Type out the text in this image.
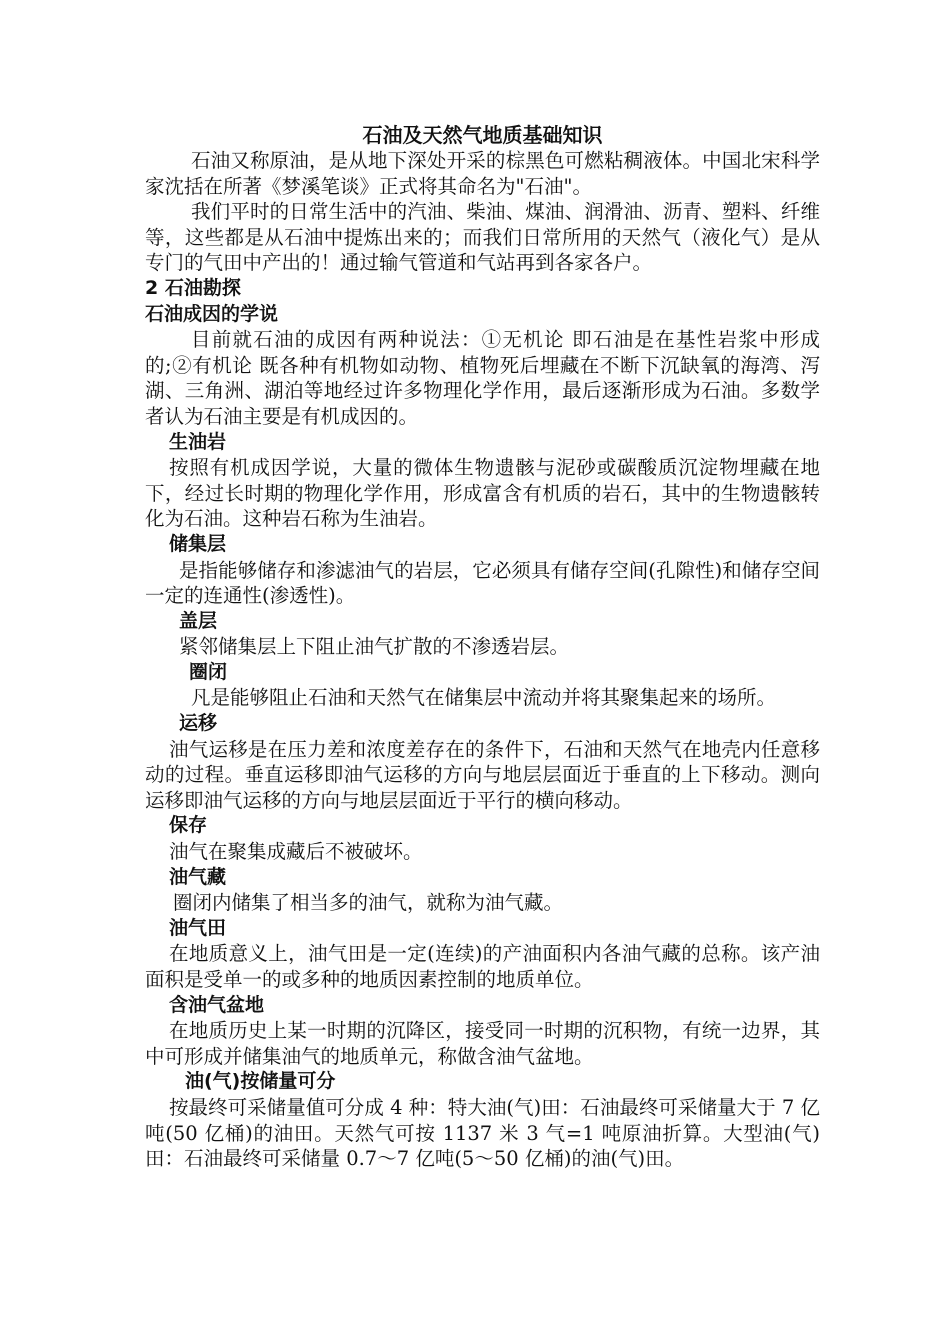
石油及天然气地质基础知识

石油又称原油，是从地下深处开采的棕黑色可燃粘稠液体。中国北宋科学家沈括在所著《梦溪笔谈》正式将其命名为"石油"。

我们平时的日常生活中的汽油、柴油、煤油、润滑油、沥青、塑料、纤维等，这些都是从石油中提炼出来的；而我们日常所用的天然气（液化气）是从专门的气田中产出的！通过输气管道和气站再到各家各户。

2 石油勘探
石油成因的学说

目前就石油的成因有两种说法：①无机论 即石油是在基性岩浆中形成的;②有机论 既各种有机物如动物、植物死后埋藏在不断下沉缺氧的海湾、泻湖、三角洲、湖泊等地经过许多物理化学作用，最后逐渐形成为石油。多数学者认为石油主要是有机成因的。

生油岩

按照有机成因学说，大量的微体生物遗骸与泥砂或碳酸质沉淀物埋藏在地下，经过长时期的物理化学作用，形成富含有机质的岩石，其中的生物遗骸转化为石油。这种岩石称为生油岩。

储集层

是指能够储存和渗滤油气的岩层，它必须具有储存空间(孔隙性)和储存空间一定的连通性(渗透性)。

盖层

紧邻储集层上下阻止油气扩散的不渗透岩层。

圈闭

凡是能够阻止石油和天然气在储集层中流动并将其聚集起来的场所。

运移

油气运移是在压力差和浓度差存在的条件下，石油和天然气在地壳内任意移动的过程。垂直运移即油气运移的方向与地层层面近于垂直的上下移动。测向运移即油气运移的方向与地层层面近于平行的横向移动。

保存

油气在聚集成藏后不被破坏。

油气藏

圈闭内储集了相当多的油气，就称为油气藏。

油气田

在地质意义上，油气田是一定(连续)的产油面积内各油气藏的总称。该产油面积是受单一的或多种的地质因素控制的地质单位。

含油气盆地

在地质历史上某一时期的沉降区，接受同一时期的沉积物，有统一边界，其中可形成并储集油气的地质单元，称做含油气盆地。

油(气)按储量可分

按最终可采储量值可分成 4 种：特大油(气)田：石油最终可采储量大于 7 亿吨(50 亿桶)的油田。天然气可按 1137 米 3 气=1 吨原油折算。大型油(气)田：石油最终可采储量 0.7～7 亿吨(5～50 亿桶)的油(气)田。
